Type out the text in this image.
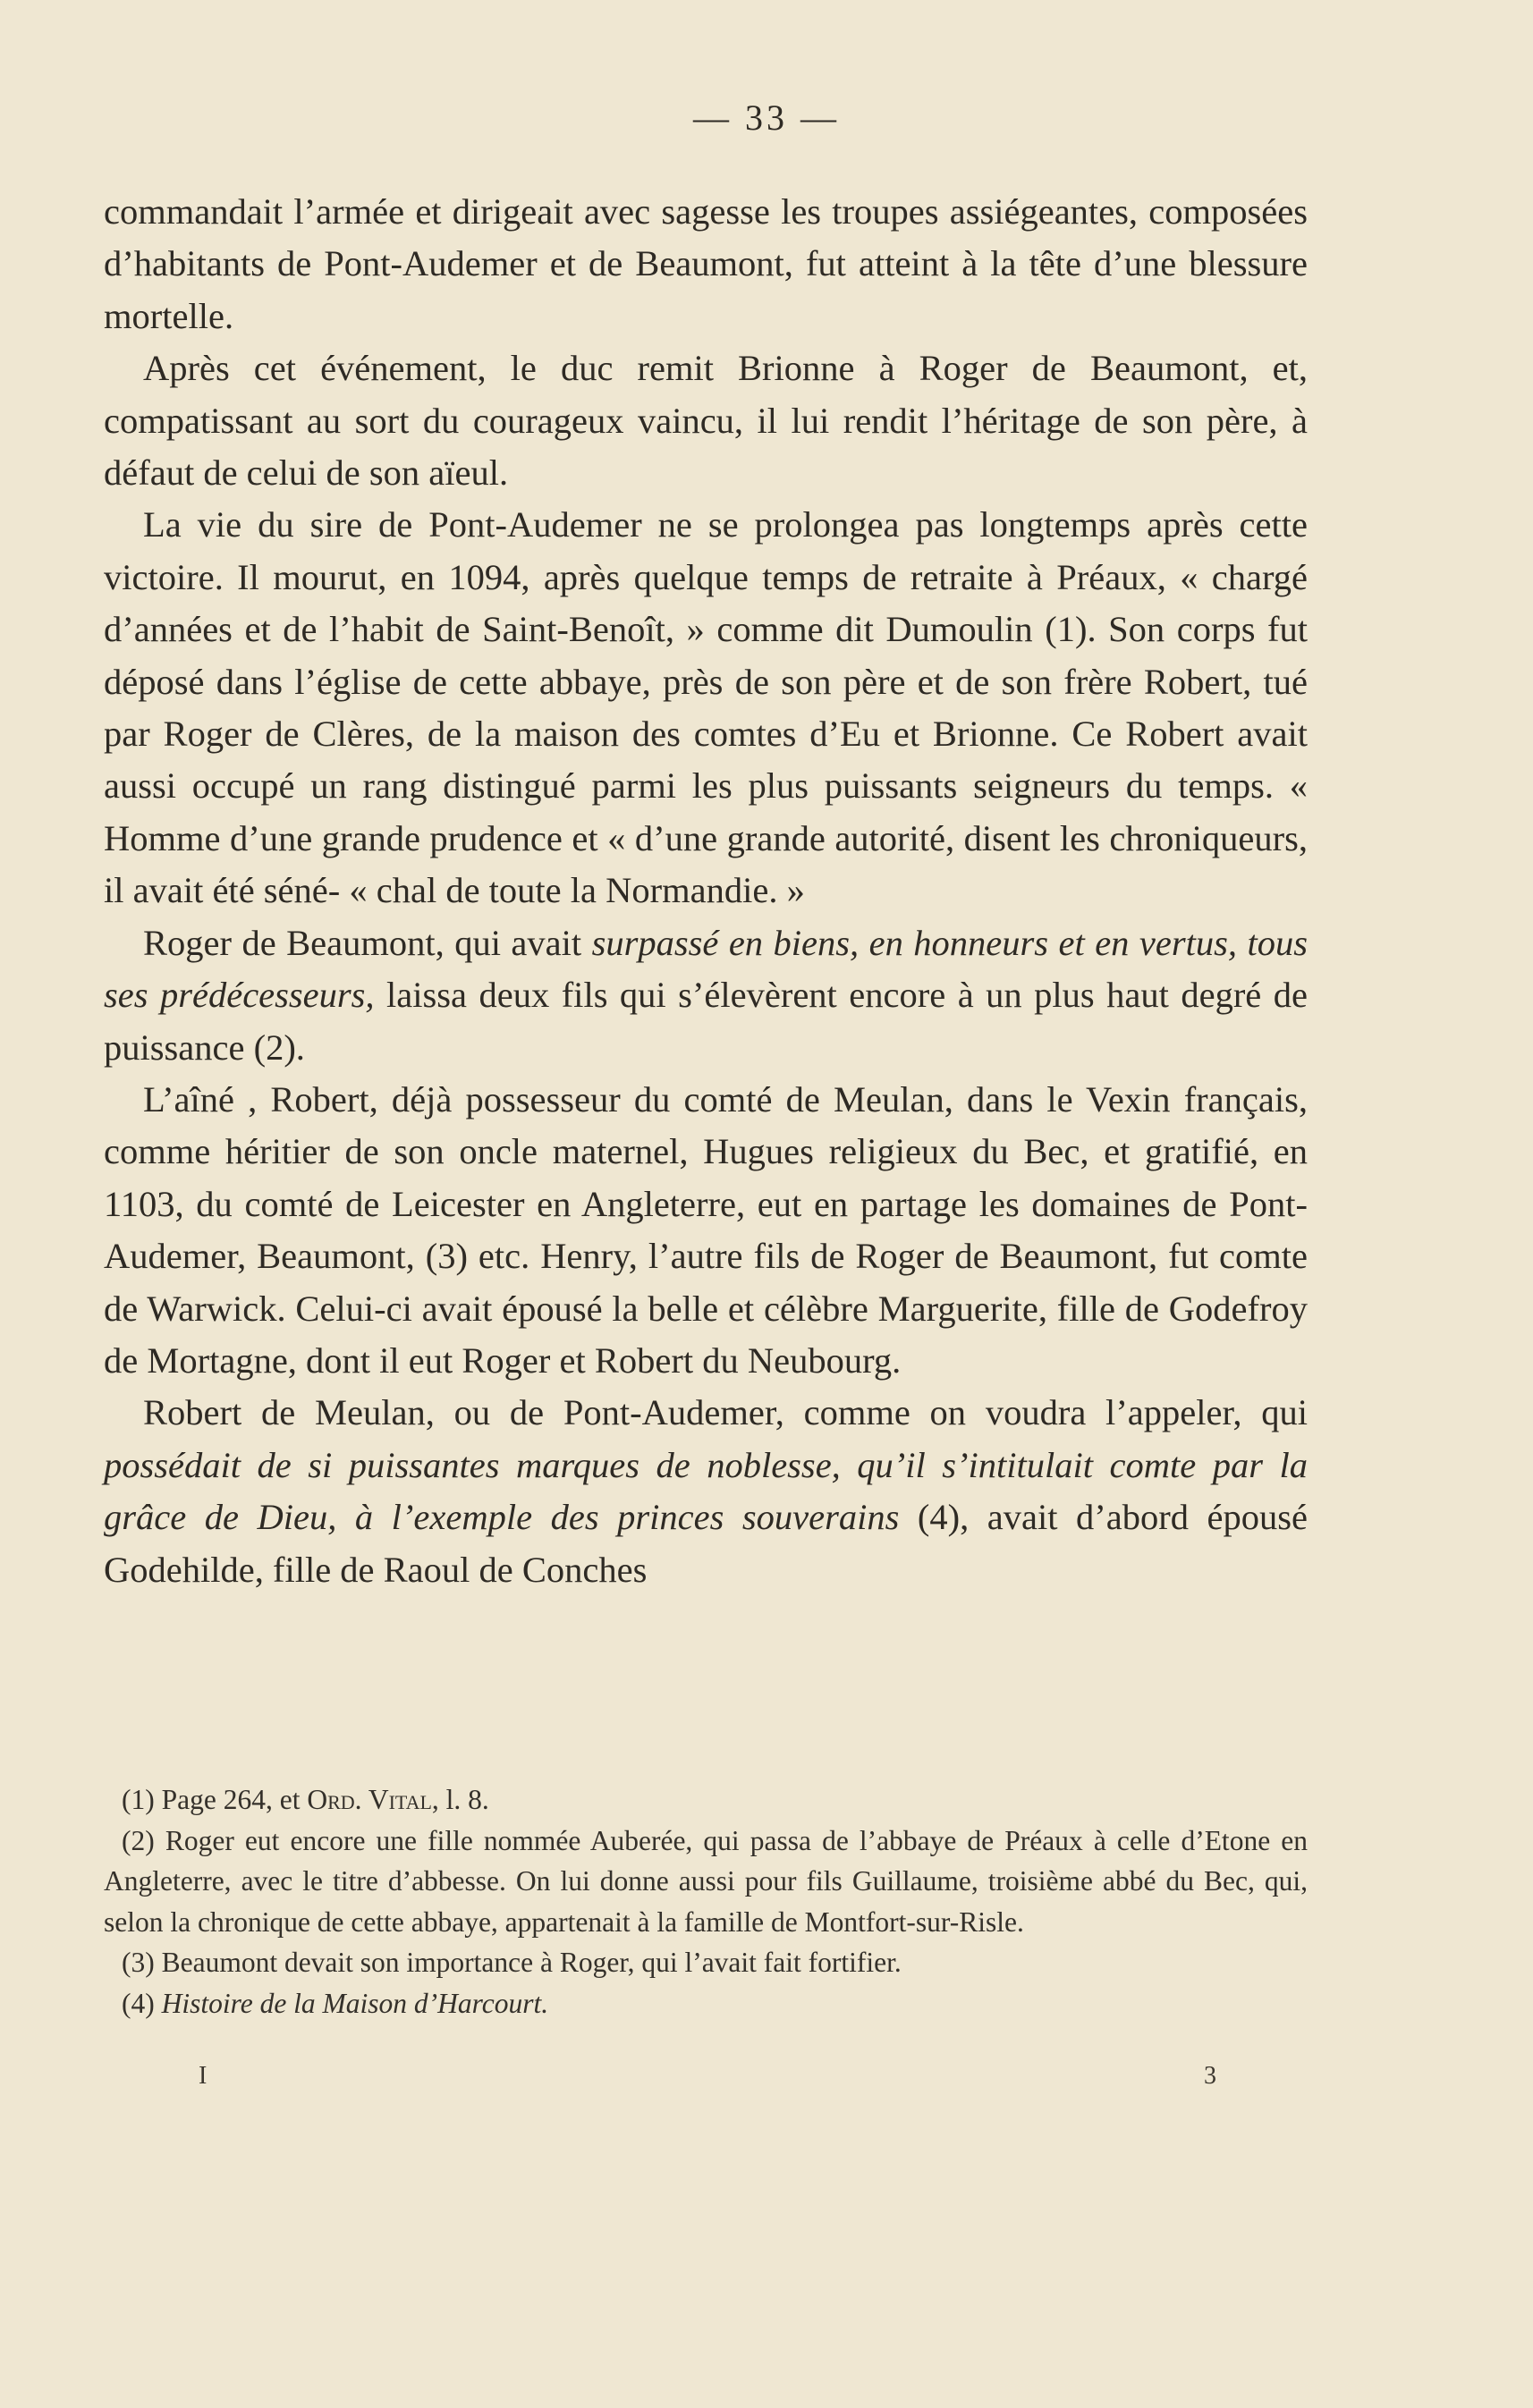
— 33 —

commandait l’armée et dirigeait avec sagesse les troupes assiégeantes, composées d’habitants de Pont-Audemer et de Beaumont, fut atteint à la tête d’une blessure mortelle.

Après cet événement, le duc remit Brionne à Roger de Beaumont, et, compatissant au sort du courageux vaincu, il lui rendit l’héritage de son père, à défaut de celui de son aïeul.

La vie du sire de Pont-Audemer ne se prolongea pas longtemps après cette victoire. Il mourut, en 1094, après quelque temps de retraite à Préaux, « chargé d’années et de l’habit de Saint-Benoît, » comme dit Dumoulin (1). Son corps fut déposé dans l’église de cette abbaye, près de son père et de son frère Robert, tué par Roger de Clères, de la maison des comtes d’Eu et Brionne. Ce Robert avait aussi occupé un rang distingué parmi les plus puissants seigneurs du temps. « Homme d’une grande prudence et « d’une grande autorité, disent les chroniqueurs, il avait été séné- « chal de toute la Normandie. »

Roger de Beaumont, qui avait surpassé en biens, en honneurs et en vertus, tous ses prédécesseurs, laissa deux fils qui s’élevèrent encore à un plus haut degré de puissance (2).

L’aîné , Robert, déjà possesseur du comté de Meulan, dans le Vexin français, comme héritier de son oncle maternel, Hugues religieux du Bec, et gratifié, en 1103, du comté de Leicester en Angleterre, eut en partage les domaines de Pont-Audemer, Beaumont, (3) etc. Henry, l’autre fils de Roger de Beaumont, fut comte de Warwick. Celui-ci avait épousé la belle et célèbre Marguerite, fille de Godefroy de Mortagne, dont il eut Roger et Robert du Neubourg.

Robert de Meulan, ou de Pont-Audemer, comme on voudra l’appeler, qui possédait de si puissantes marques de noblesse, qu’il s’intitulait comte par la grâce de Dieu, à l’exemple des princes souverains (4), avait d’abord épousé Godehilde, fille de Raoul de Conches

(1) Page 264, et Ord. Vital, l. 8.

(2) Roger eut encore une fille nommée Auberée, qui passa de l’abbaye de Préaux à celle d’Etone en Angleterre, avec le titre d’abbesse. On lui donne aussi pour fils Guillaume, troisième abbé du Bec, qui, selon la chronique de cette abbaye, appartenait à la famille de Montfort-sur-Risle.

(3) Beaumont devait son importance à Roger, qui l’avait fait fortifier.

(4) Histoire de la Maison d’Harcourt.

I	3
